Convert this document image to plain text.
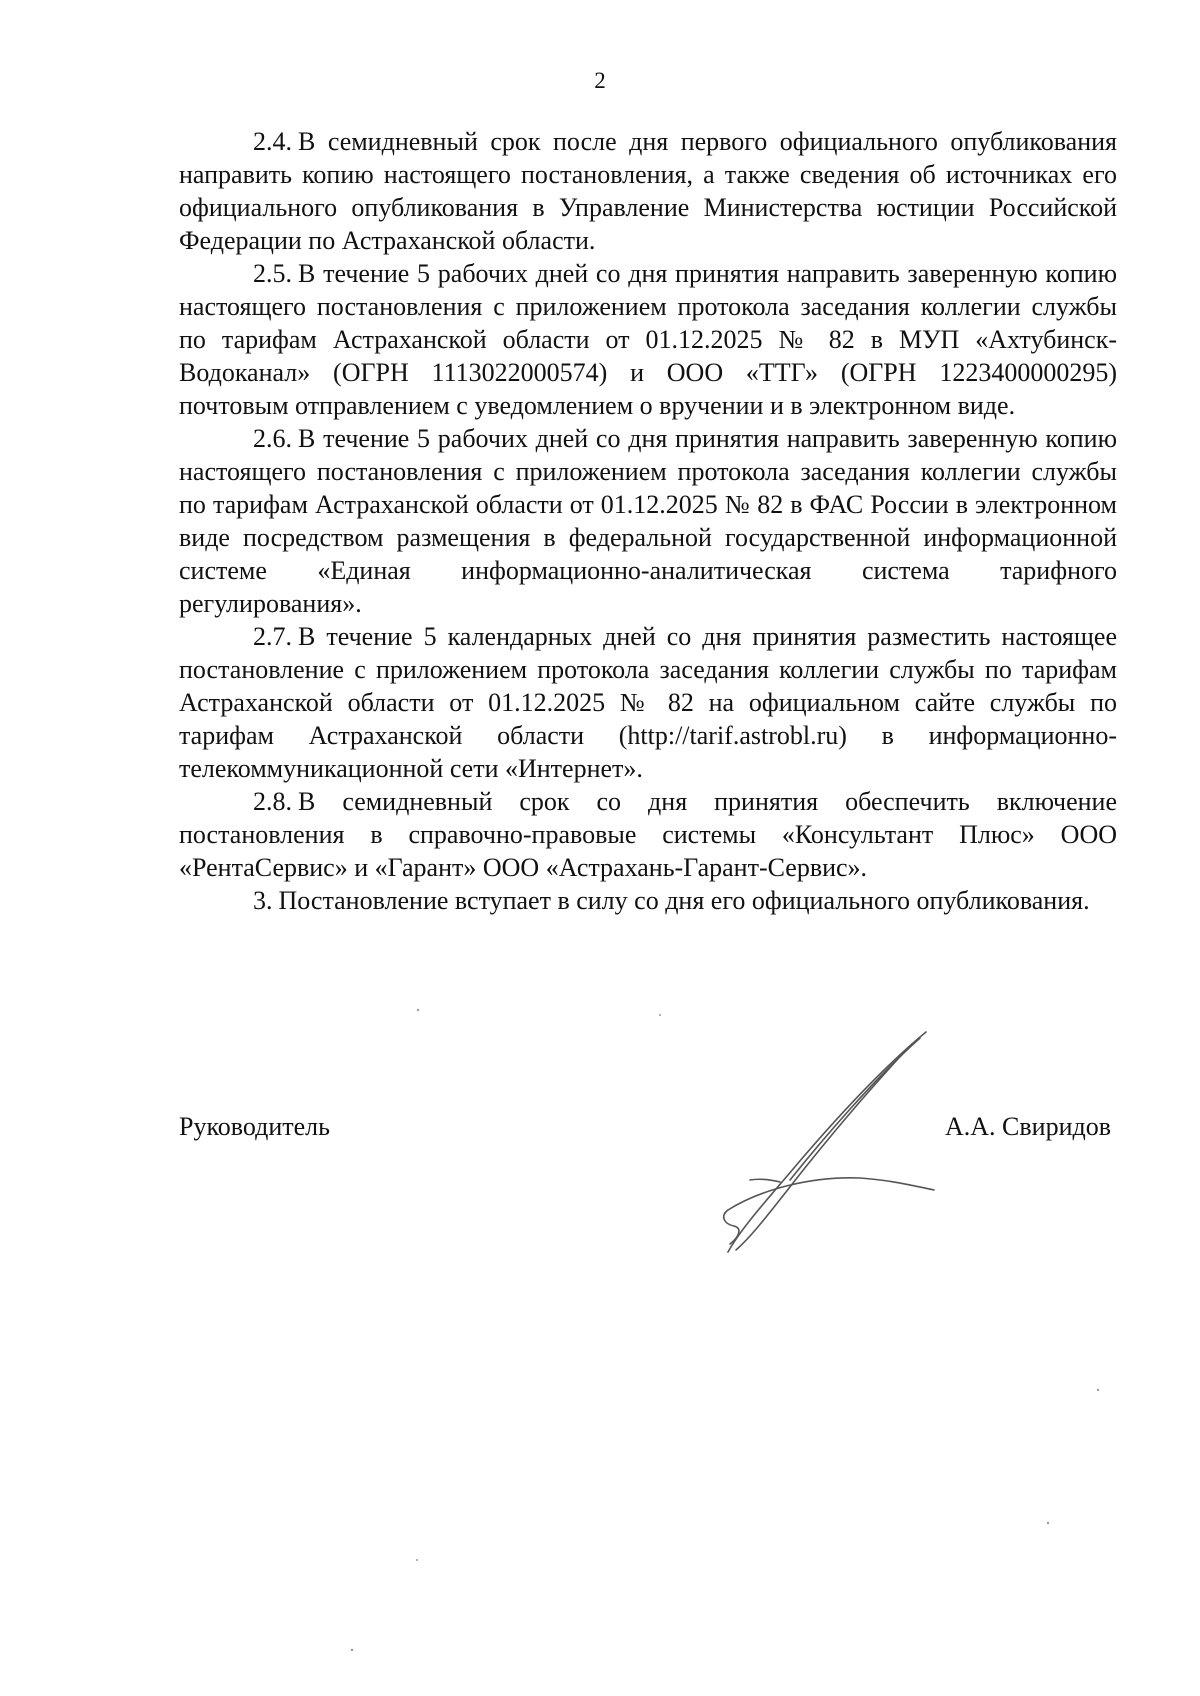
2

2.4. В семидневный срок после дня первого официального опубликования направить копию настоящего постановления, а также сведения об источниках его официального опубликования в Управление Министерства юстиции Российской Федерации по Астраханской области.

2.5. В течение 5 рабочих дней со дня принятия направить заверенную копию настоящего постановления с приложением протокола заседания коллегии службы по тарифам Астраханской области от 01.12.2025 № 82 в МУП «Ахтубинск-Водоканал» (ОГРН 1113022000574) и ООО «ТТГ» (ОГРН 1223400000295) почтовым отправлением с уведомлением о вручении и в электронном виде.

2.6. В течение 5 рабочих дней со дня принятия направить заверенную копию настоящего постановления с приложением протокола заседания коллегии службы по тарифам Астраханской области от 01.12.2025 № 82 в ФАС России в электронном виде посредством размещения в федеральной государственной информационной системе «Единая информационно-аналитическая система тарифного регулирования».

2.7. В течение 5 календарных дней со дня принятия разместить настоящее постановление с приложением протокола заседания коллегии службы по тарифам Астраханской области от 01.12.2025 № 82 на официальном сайте службы по тарифам Астраханской области (http://tarif.astrobl.ru) в информационно-телекоммуникационной сети «Интернет».

2.8. В семидневный срок со дня принятия обеспечить включение постановления в справочно-правовые системы «Консультант Плюс» ООО «РентаСервис» и «Гарант» ООО «Астрахань-Гарант-Сервис».

3. Постановление вступает в силу со дня его официального опубликования.

Руководитель	А.А. Свиридов
